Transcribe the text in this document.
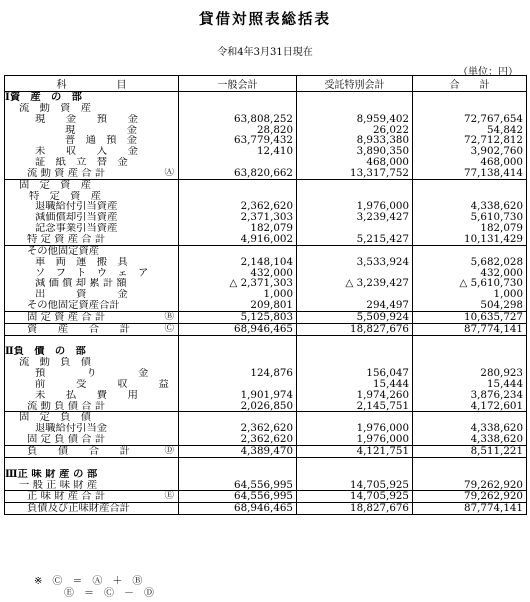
貸借対照表総括表
令和4年3月31日現在
（単位：円）
科　　　　　目	一般会計	受託特別会計	合　　計
Ⅰ資　産　の　部			
流　動　資　産			
現　　金　　預　　金	63,808,252	8,959,402	72,767,654
現　　　　　金	28,820	26,022	54,842
普　通　預　金	63,779,432	8,933,380	72,712,812
未　　収　　入　　金	12,410	3,890,350	3,902,760
証　紙　立　替　金		468,000	468,000
流 動 資 産 合 計 Ⓐ	63,820,662	13,317,752	77,138,414
固　定　資　産			
特　定　資　産			
退職給付引当資産	2,362,620	1,976,000	4,338,620
減価償却引当資産	2,371,303	3,239,427	5,610,730
記念事業引当資産	182,079		182,079
特 定 資 産 合 計	4,916,002	5,215,427	10,131,429
その他固定資産			
車　両　運　搬　具	2,148,104	3,533,924	5,682,028
ソ　フ　ト　ウ　ェ　ア	432,000		432,000
減 価 償 却 累 計 額	△ 2,371,303	△ 3,239,427	△ 5,610,730
出　　　資　　　金	1,000		1,000
その他固定資産合計	209,801	294,497	504,298
固 定 資 産 合 計 Ⓑ	5,125,803	5,509,924	10,635,727
資　　産　　合　　計 Ⓒ	68,946,465	18,827,676	87,774,141

Ⅱ負　債　の　部			
流　動　負　債			
預　　　　り　　　　金	124,876	156,047	280,923
前　　　受　　　収　　　益		15,444	15,444
未　　払　　費　　用	1,901,974	1,974,260	3,876,234
流 動 負 債 合 計	2,026,850	2,145,751	4,172,601
固　定　負　債			
退職給付引当金	2,362,620	1,976,000	4,338,620
固 定 負 債 合 計	2,362,620	1,976,000	4,338,620
負　　債　　合　　計 Ⓓ	4,389,470	4,121,751	8,511,221

Ⅲ正 味 財 産 の 部			
一 般 正 味 財 産	64,556,995	14,705,925	79,262,920
正 味 財 産 合 計 Ⓔ	64,556,995	14,705,925	79,262,920
負債及び正味財産合計	68,946,465	18,827,676	87,774,141
※　Ⓒ　＝　Ⓐ　＋　Ⓑ
　　　Ⓔ　＝　Ⓒ　－　Ⓓ
